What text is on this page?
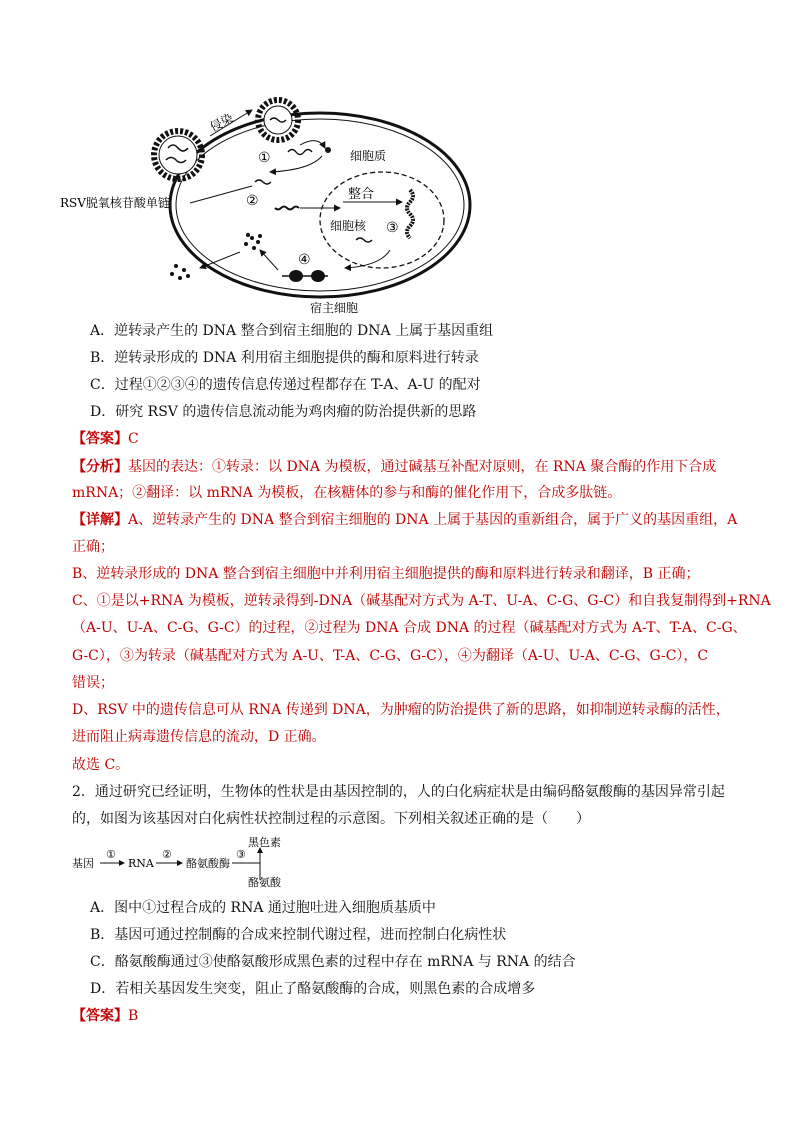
侵染
①	细胞质
②	整合
细胞核 ③
④
RSV脱氧核苷酸单链
宿主细胞
A．逆转录产生的 DNA 整合到宿主细胞的 DNA 上属于基因重组
B．逆转录形成的 DNA 利用宿主细胞提供的酶和原料进行转录
C．过程①②③④的遗传信息传递过程都存在 T-A、A-U 的配对
D．研究 RSV 的遗传信息流动能为鸡肉瘤的防治提供新的思路
【答案】C
【分析】基因的表达：①转录：以 DNA 为模板，通过碱基互补配对原则，在 RNA 聚合酶的作用下合成
mRNA；②翻译：以 mRNA 为模板，在核糖体的参与和酶的催化作用下，合成多肽链。
【详解】A、逆转录产生的 DNA 整合到宿主细胞的 DNA 上属于基因的重新组合，属于广义的基因重组，A
正确；
B、逆转录形成的 DNA 整合到宿主细胞中并利用宿主细胞提供的酶和原料进行转录和翻译，B 正确；
C、①是以+RNA 为模板，逆转录得到-DNA（碱基配对方式为 A-T、U-A、C-G、G-C）和自我复制得到+RNA
（A-U、U-A、C-G、G-C）的过程，②过程为 DNA 合成 DNA 的过程（碱基配对方式为 A-T、T-A、C-G、
G-C），③为转录（碱基配对方式为 A-U、T-A、C-G、G-C），④为翻译（A-U、U-A、C-G、G-C），C
错误；
D、RSV 中的遗传信息可从 RNA 传递到 DNA，为肿瘤的防治提供了新的思路，如抑制逆转录酶的活性，
进而阻止病毒遗传信息的流动，D 正确。
故选 C。
2．通过研究已经证明，生物体的性状是由基因控制的，人的白化病症状是由编码酪氨酸酶的基因异常引起
的，如图为该基因对白化病性状控制过程的示意图。下列相关叙述正确的是（　　）
基因
①
RNA
②
酪氨酸酶
③
黑色素
酪氨酸
A．图中①过程合成的 RNA 通过胞吐进入细胞质基质中
B．基因可通过控制酶的合成来控制代谢过程，进而控制白化病性状
C．酪氨酸酶通过③使酪氨酸形成黑色素的过程中存在 mRNA 与 RNA 的结合
D．若相关基因发生突变，阻止了酪氨酸酶的合成，则黑色素的合成增多
【答案】B
